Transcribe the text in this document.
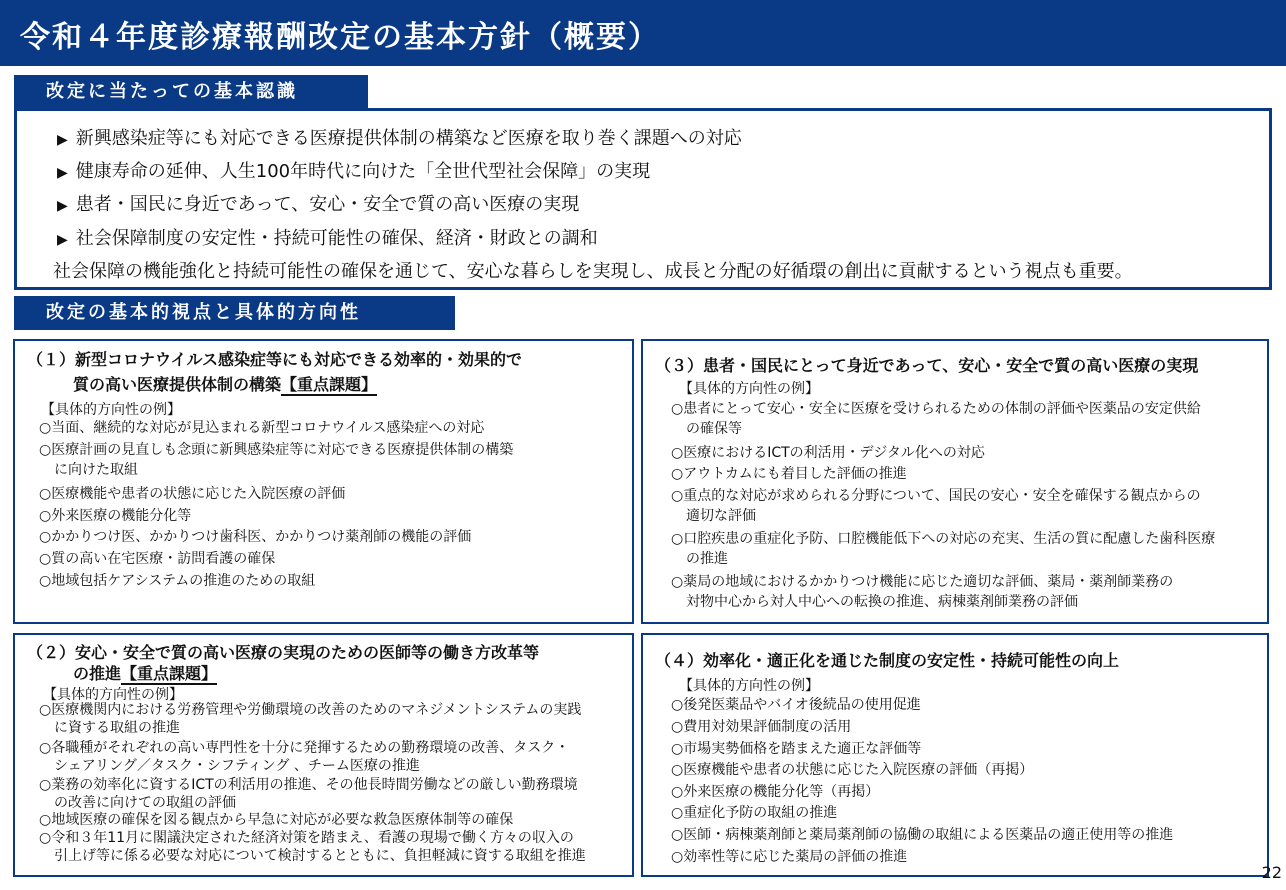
令和４年度診療報酬改定の基本方針（概要）
改定に当たっての基本認識
▶ 新興感染症等にも対応できる医療提供体制の構築など医療を取り巻く課題への対応
▶ 健康寿命の延伸、人生100年時代に向けた「全世代型社会保障」の実現
▶ 患者・国民に身近であって、安心・安全で質の高い医療の実現
▶ 社会保障制度の安定性・持続可能性の確保、経済・財政との調和
社会保障の機能強化と持続可能性の確保を通じて、安心な暮らしを実現し、成長と分配の好循環の創出に貢献するという視点も重要。
改定の基本的視点と具体的方向性
（１）新型コロナウイルス感染症等にも対応できる効率的・効果的で
質の高い医療提供体制の構築【重点課題】
【具体的方向性の例】
○当面、継続的な対応が見込まれる新型コロナウイルス感染症への対応
○医療計画の見直しも念頭に新興感染症等に対応できる医療提供体制の構築
に向けた取組
○医療機能や患者の状態に応じた入院医療の評価
○外来医療の機能分化等
○かかりつけ医、かかりつけ歯科医、かかりつけ薬剤師の機能の評価
○質の高い在宅医療・訪問看護の確保
○地域包括ケアシステムの推進のための取組
（３）患者・国民にとって身近であって、安心・安全で質の高い医療の実現
【具体的方向性の例】
○患者にとって安心・安全に医療を受けられるための体制の評価や医薬品の安定供給
の確保等
○医療におけるICTの利活用・デジタル化への対応
○アウトカムにも着目した評価の推進
○重点的な対応が求められる分野について、国民の安心・安全を確保する観点からの
適切な評価
○口腔疾患の重症化予防、口腔機能低下への対応の充実、生活の質に配慮した歯科医療
の推進
○薬局の地域におけるかかりつけ機能に応じた適切な評価、薬局・薬剤師業務の
対物中心から対人中心への転換の推進、病棟薬剤師業務の評価
（２）安心・安全で質の高い医療の実現のための医師等の働き方改革等
の推進【重点課題】
【具体的方向性の例】
○医療機関内における労務管理や労働環境の改善のためのマネジメントシステムの実践
に資する取組の推進
○各職種がそれぞれの高い専門性を十分に発揮するための勤務環境の改善、タスク・
シェアリング／タスク・シフティング 、チーム医療の推進
○業務の効率化に資するICTの利活用の推進、その他長時間労働などの厳しい勤務環境
の改善に向けての取組の評価
○地域医療の確保を図る観点から早急に対応が必要な救急医療体制等の確保
○令和３年11月に閣議決定された経済対策を踏まえ、看護の現場で働く方々の収入の
引上げ等に係る必要な対応について検討するとともに、負担軽減に資する取組を推進
（４）効率化・適正化を通じた制度の安定性・持続可能性の向上
【具体的方向性の例】
○後発医薬品やバイオ後続品の使用促進
○費用対効果評価制度の活用
○市場実勢価格を踏まえた適正な評価等
○医療機能や患者の状態に応じた入院医療の評価（再掲）
○外来医療の機能分化等（再掲）
○重症化予防の取組の推進
○医師・病棟薬剤師と薬局薬剤師の協働の取組による医薬品の適正使用等の推進
○効率性等に応じた薬局の評価の推進
22
